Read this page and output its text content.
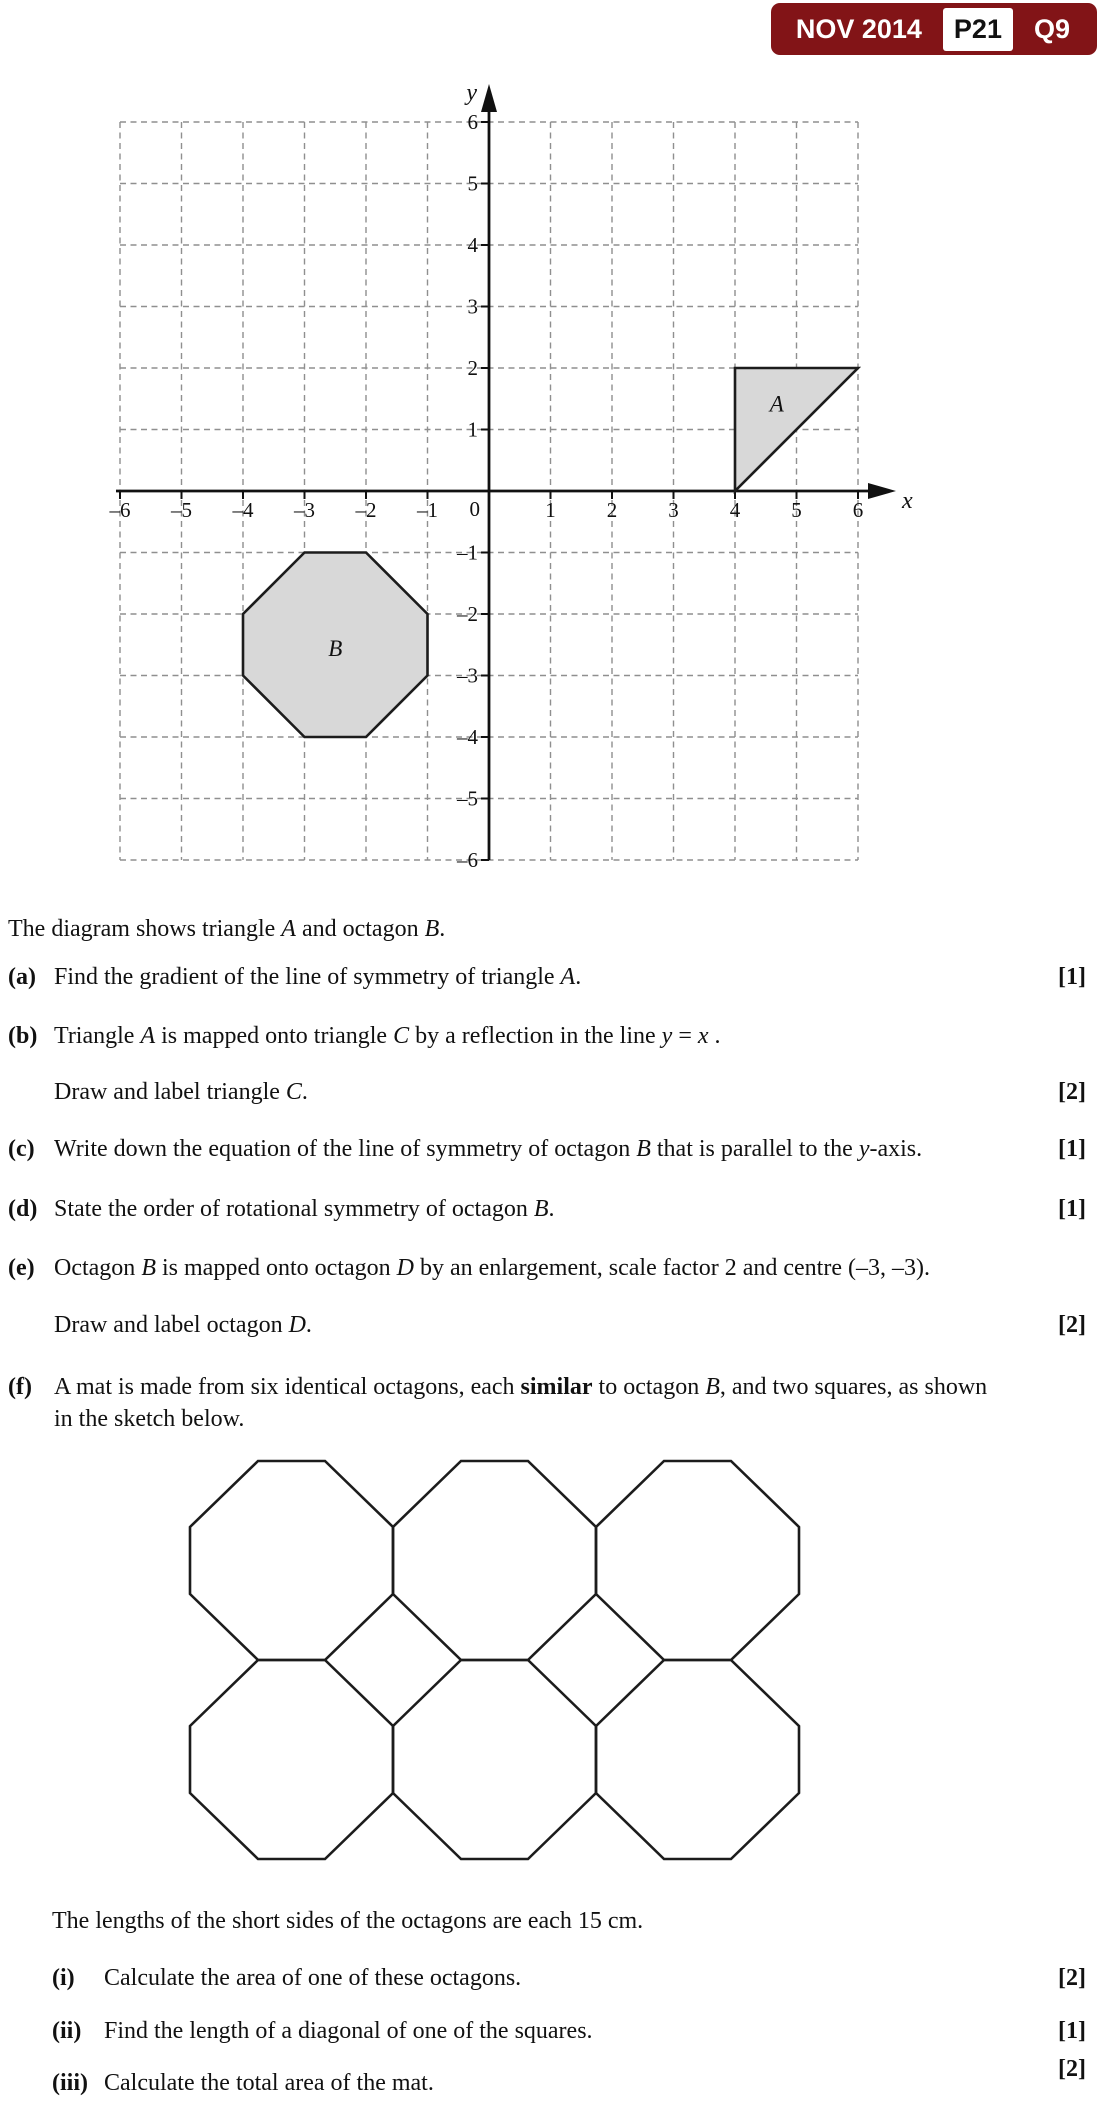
NOV 2014	P21	Q9
x
y
–6 –5 –4 –3 –2 –1	1 2 3 4 5 6
6
5
4
3
2
1
–1
–2
–3
–4
–5
–6
0
A
B
The diagram shows triangle A and octagon B.
(a) Find the gradient of the line of symmetry of triangle A.	[1]
(b) Triangle A is mapped onto triangle C by a reflection in the line y = x .
Draw and label triangle C.	[2]
(c) Write down the equation of the line of symmetry of octagon B that is parallel to the y-axis.	[1]
(d) State the order of rotational symmetry of octagon B.	[1]
(e) Octagon B is mapped onto octagon D by an enlargement, scale factor 2 and centre (–3, –3).
Draw and label octagon D.	[2]
(f) A mat is made from six identical octagons, each similar to octagon B, and two squares, as shown
in the sketch below.
The lengths of the short sides of the octagons are each 15 cm.
(i)	Calculate the area of one of these octagons.	[2]
(ii) Find the length of a diagonal of one of the squares.	[1]
(iii) Calculate the total area of the mat.
[2]
